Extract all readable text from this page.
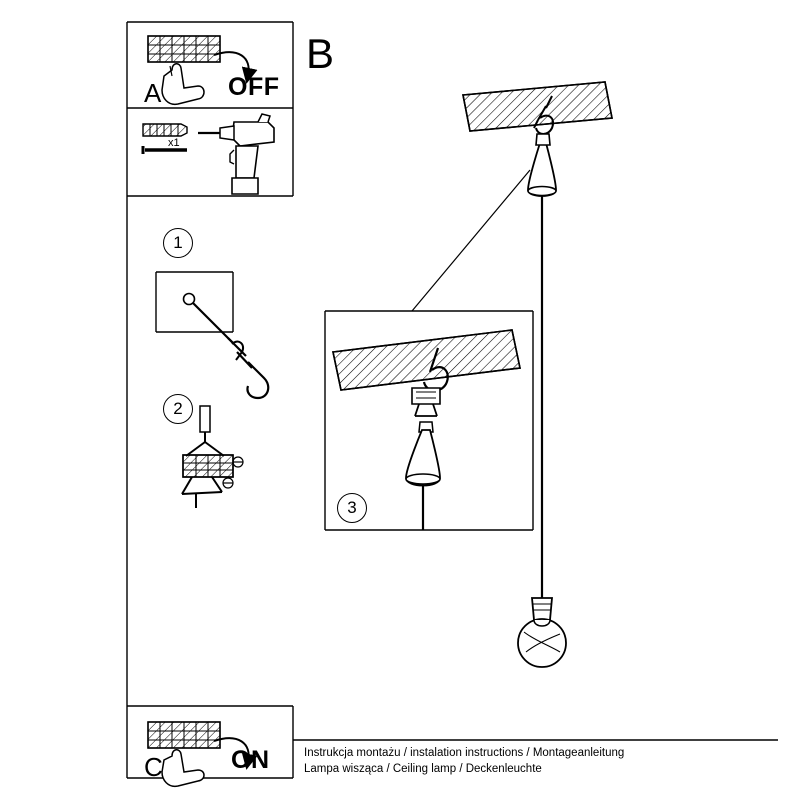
A	OFF
B
x1
1
2
3
C	ON	Instrukcja montażu / instalation instructions / Montageanleitung
Lampa wisząca / Ceiling lamp / Deckenleuchte
